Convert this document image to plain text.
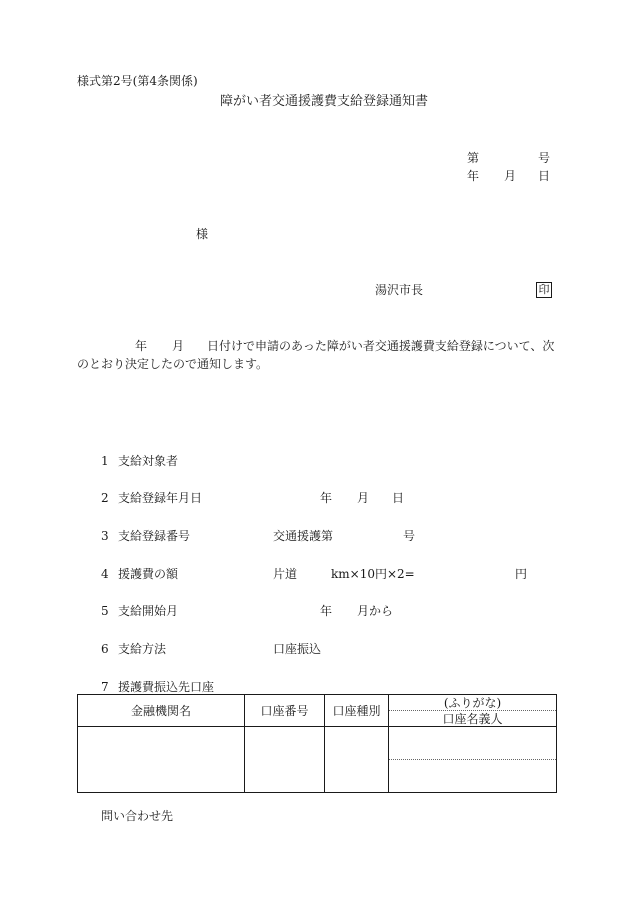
様式第2号(第4条関係)
障がい者交通援護費支給登録通知書
第	号
年 月 日
様
湯沢市長	印
年 月 日付けで申請のあった障がい者交通援護費支給登録について、次
のとおり決定したので通知します。
1 支給対象者
2 支給登録年月日	年 月 日
3 支給登録番号	交通援護第	号
4 援護費の額	片道	km×10円×2=	円
5 支給開始月	年 月から
6 支給方法	口座振込
7 援護費振込先口座
金融機関名	口座番号	口座種別	(ふりがな)
口座名義人

問い合わせ先
